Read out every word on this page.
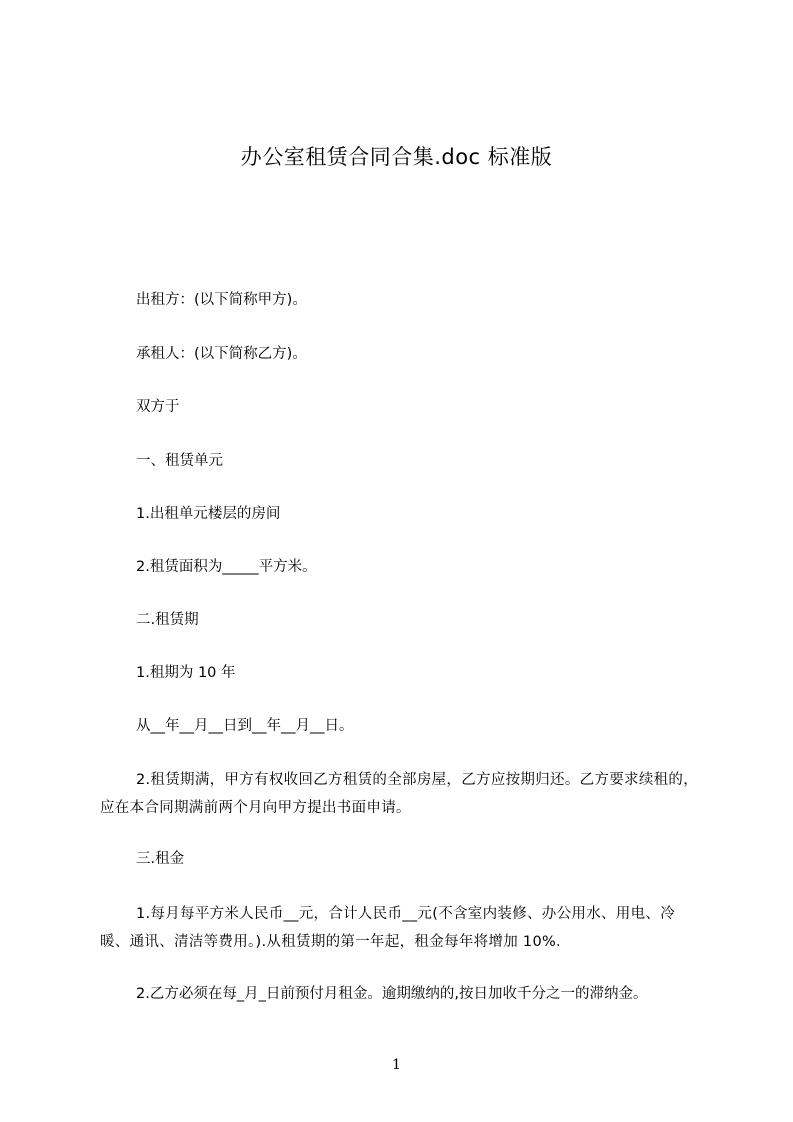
办公室租赁合同合集.doc 标准版
出租方：(以下简称甲方)。
承租人：(以下简称乙方)。
双方于
一、租赁单元
1.出租单元楼层的房间
2.租赁面积为_____平方米。
二.租赁期
1.租期为 10 年
从__年__月__日到__年__月__日。
2.租赁期满，甲方有权收回乙方租赁的全部房屋，乙方应按期归还。乙方要求续租的，应在本合同期满前两个月向甲方提出书面申请。
三.租金
1.每月每平方米人民币__元，合计人民币__元(不含室内装修、办公用水、用电、冷暖、通讯、清洁等费用。).从租赁期的第一年起，租金每年将增加 10%.
2.乙方必须在每_月_日前预付月租金。逾期缴纳的,按日加收千分之一的滞纳金。
1
